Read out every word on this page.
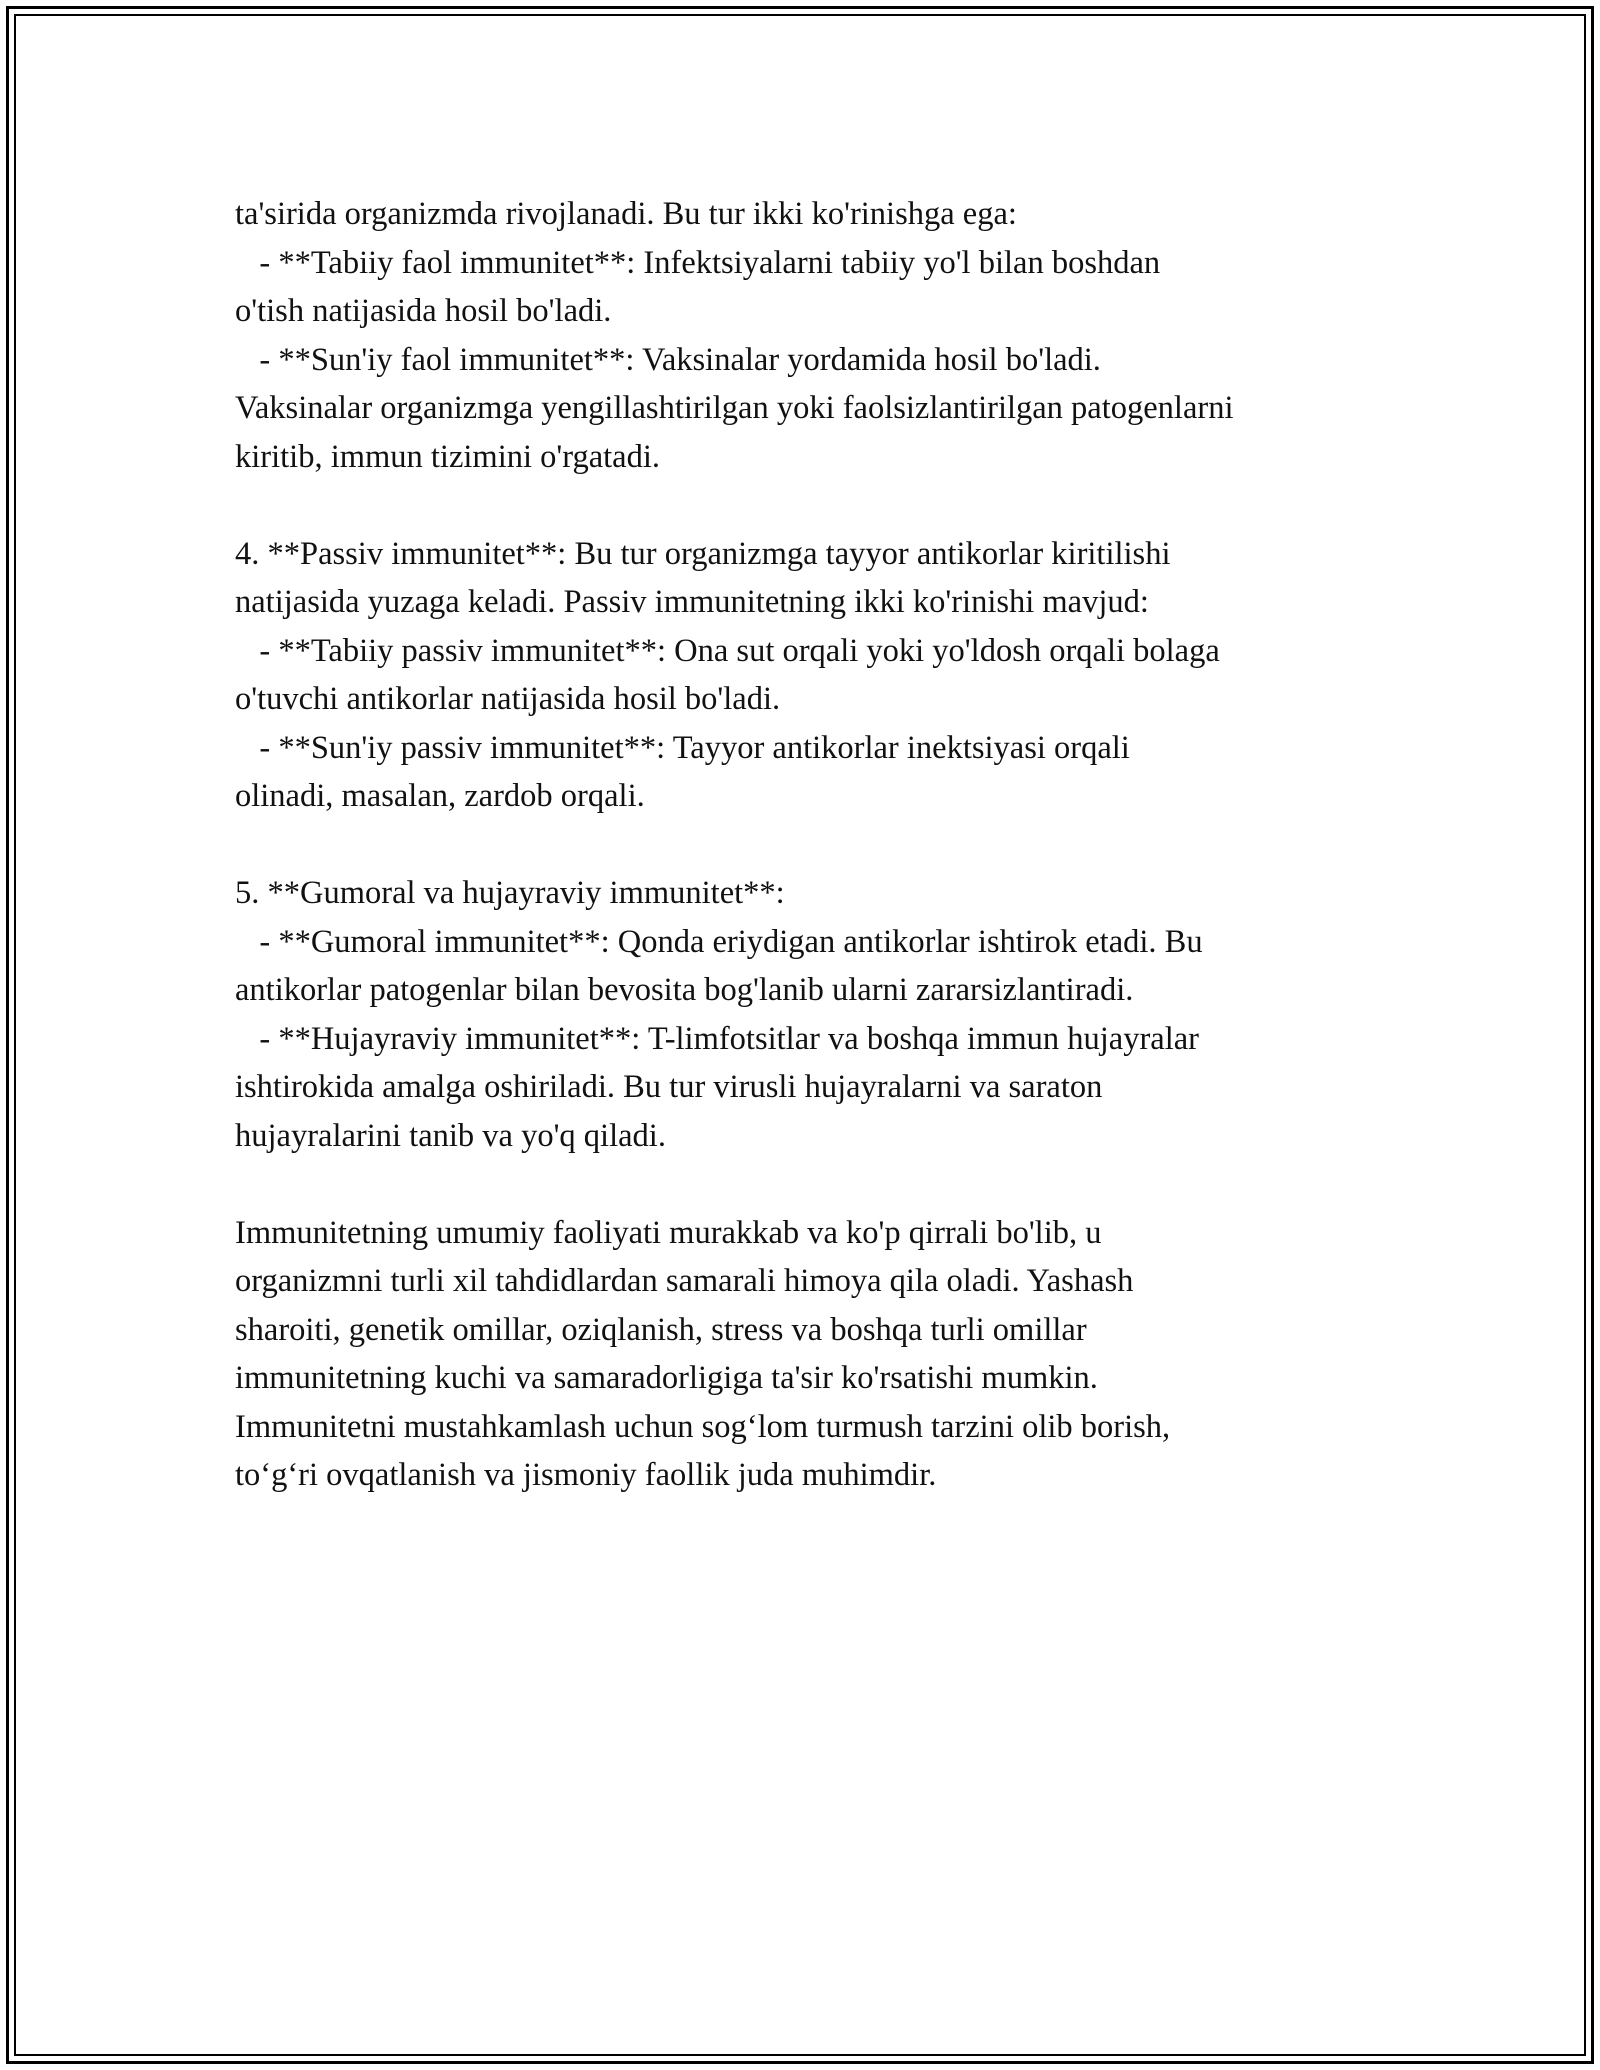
ta'sirida organizmda rivojlanadi. Bu tur ikki ko'rinishga ega:
- **Tabiiy faol immunitet**: Infektsiyalarni tabiiy yo'l bilan boshdan
o'tish natijasida hosil bo'ladi.
- **Sun'iy faol immunitet**: Vaksinalar yordamida hosil bo'ladi.
Vaksinalar organizmga yengillashtirilgan yoki faolsizlantirilgan patogenlarni
kiritib, immun tizimini o'rgatadi.
4. **Passiv immunitet**: Bu tur organizmga tayyor antikorlar kiritilishi
natijasida yuzaga keladi. Passiv immunitetning ikki ko'rinishi mavjud:
- **Tabiiy passiv immunitet**: Ona sut orqali yoki yo'ldosh orqali bolaga
o'tuvchi antikorlar natijasida hosil bo'ladi.
- **Sun'iy passiv immunitet**: Tayyor antikorlar inektsiyasi orqali
olinadi, masalan, zardob orqali.
5. **Gumoral va hujayraviy immunitet**:
- **Gumoral immunitet**: Qonda eriydigan antikorlar ishtirok etadi. Bu
antikorlar patogenlar bilan bevosita bog'lanib ularni zararsizlantiradi.
- **Hujayraviy immunitet**: T-limfotsitlar va boshqa immun hujayralar
ishtirokida amalga oshiriladi. Bu tur virusli hujayralarni va saraton
hujayralarini tanib va yo'q qiladi.
Immunitetning umumiy faoliyati murakkab va ko'p qirrali bo'lib, u
organizmni turli xil tahdidlardan samarali himoya qila oladi. Yashash
sharoiti, genetik omillar, oziqlanish, stress va boshqa turli omillar
immunitetning kuchi va samaradorligiga ta'sir ko'rsatishi mumkin.
Immunitetni mustahkamlash uchun sog‘lom turmush tarzini olib borish,
to‘g‘ri ovqatlanish va jismoniy faollik juda muhimdir.
